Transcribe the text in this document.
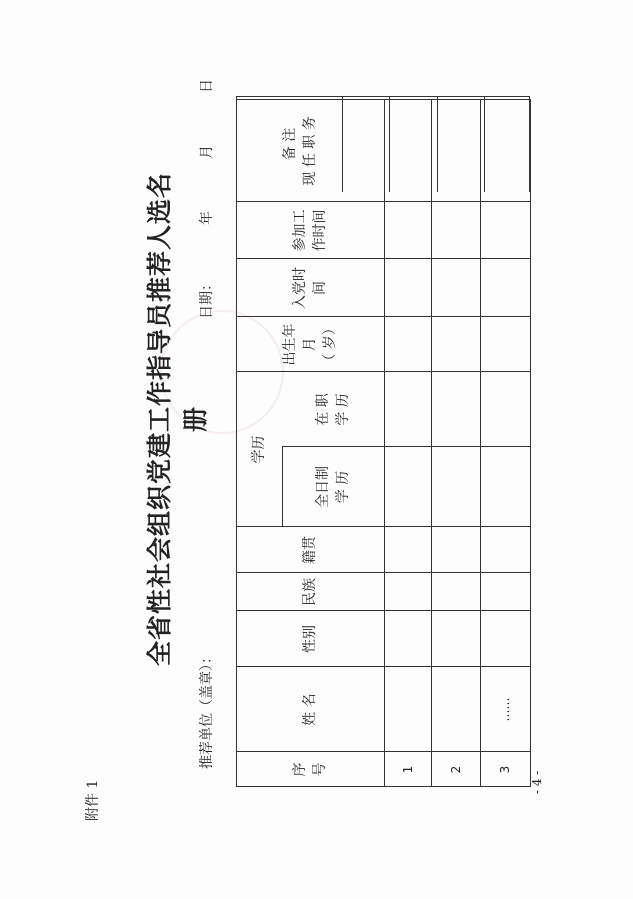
附件 1
全省性社会组织党建工作指导员推荐人选名册
推荐单位（盖章）：
日期：
年
月
日
序 号
姓 名
性别
民族
籍贯
学历
全日制 学 历
在 职 学 历
出生年 月 （ 岁）
入党时 间
参加工 作时间
现 任 职 务
1	2	3
……
- 4 -
备 注
